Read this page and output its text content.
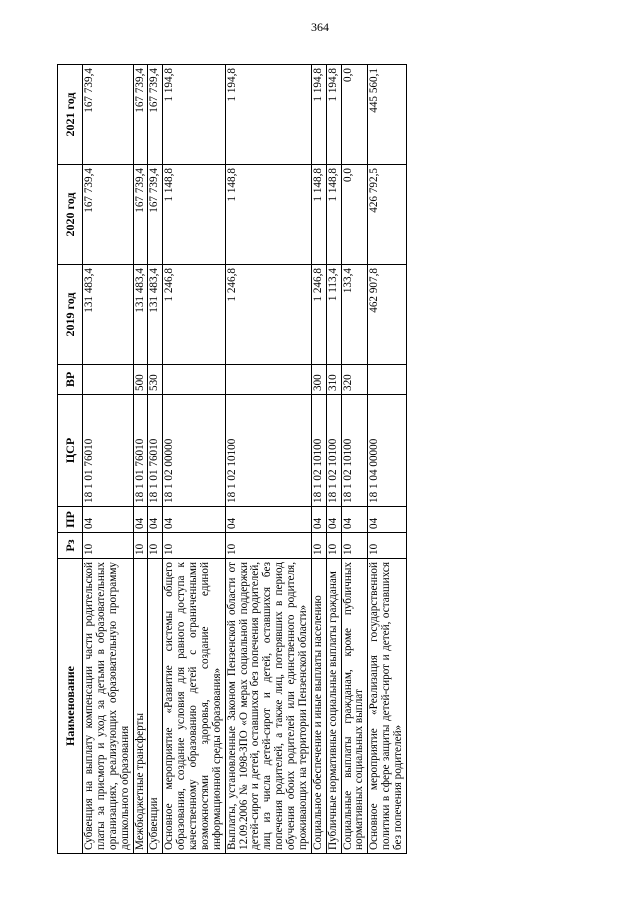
364
Наименование	Рз	ПР	ЦСР	ВР	2019 год	2020 год	2021 год
Субвенция на выплату компенсации части родительской платы за присмотр и уход за детьми в образовательных организациях, реализующих образовательную программу дошкольного образования	10	04	18 1 01 76010		131 483,4	167 739,4	167 739,4
Межбюджетные трансферты	10	04	18 1 01 76010	500	131 483,4	167 739,4	167 739,4
Субвенции	10	04	18 1 01 76010	530	131 483,4	167 739,4	167 739,4
Основное мероприятие «Развитие системы общего образования, создание условия для равного доступа к качественному образованию детей с ограниченными возможностями здоровья, создание единой информационной среды образования»	10	04	18 1 02 00000		1 246,8	1 148,8	1 194,8
Выплаты, установленные Законом Пензенской области от 12.09.2006 № 1098-ЗПО «О мерах социальной поддержки детей-сирот и детей, оставшихся без попечения родителей, лиц из числа детей-сирот и детей, оставшихся без попечения родителей, а также лиц, потерявших в период обучения обоих родителей или единственного родителя, проживающих на территории Пензенской области»	10	04	18 1 02 10100		1 246,8	1 148,8	1 194,8
Социальное обеспечение и иные выплаты населению	10	04	18 1 02 10100	300	1 246,8	1 148,8	1 194,8
Публичные нормативные социальные выплаты гражданам	10	04	18 1 02 10100	310	1 113,4	1 148,8	1 194,8
Социальные выплаты гражданам, кроме публичных нормативных социальных выплат	10	04	18 1 02 10100	320	133,4	0,0	0,0
Основное мероприятие «Реализация государственной политики в сфере защиты детей-сирот и детей, оставшихся без попечения родителей»	10	04	18 1 04 00000		462 907,8	426 792,5	445 560,1
